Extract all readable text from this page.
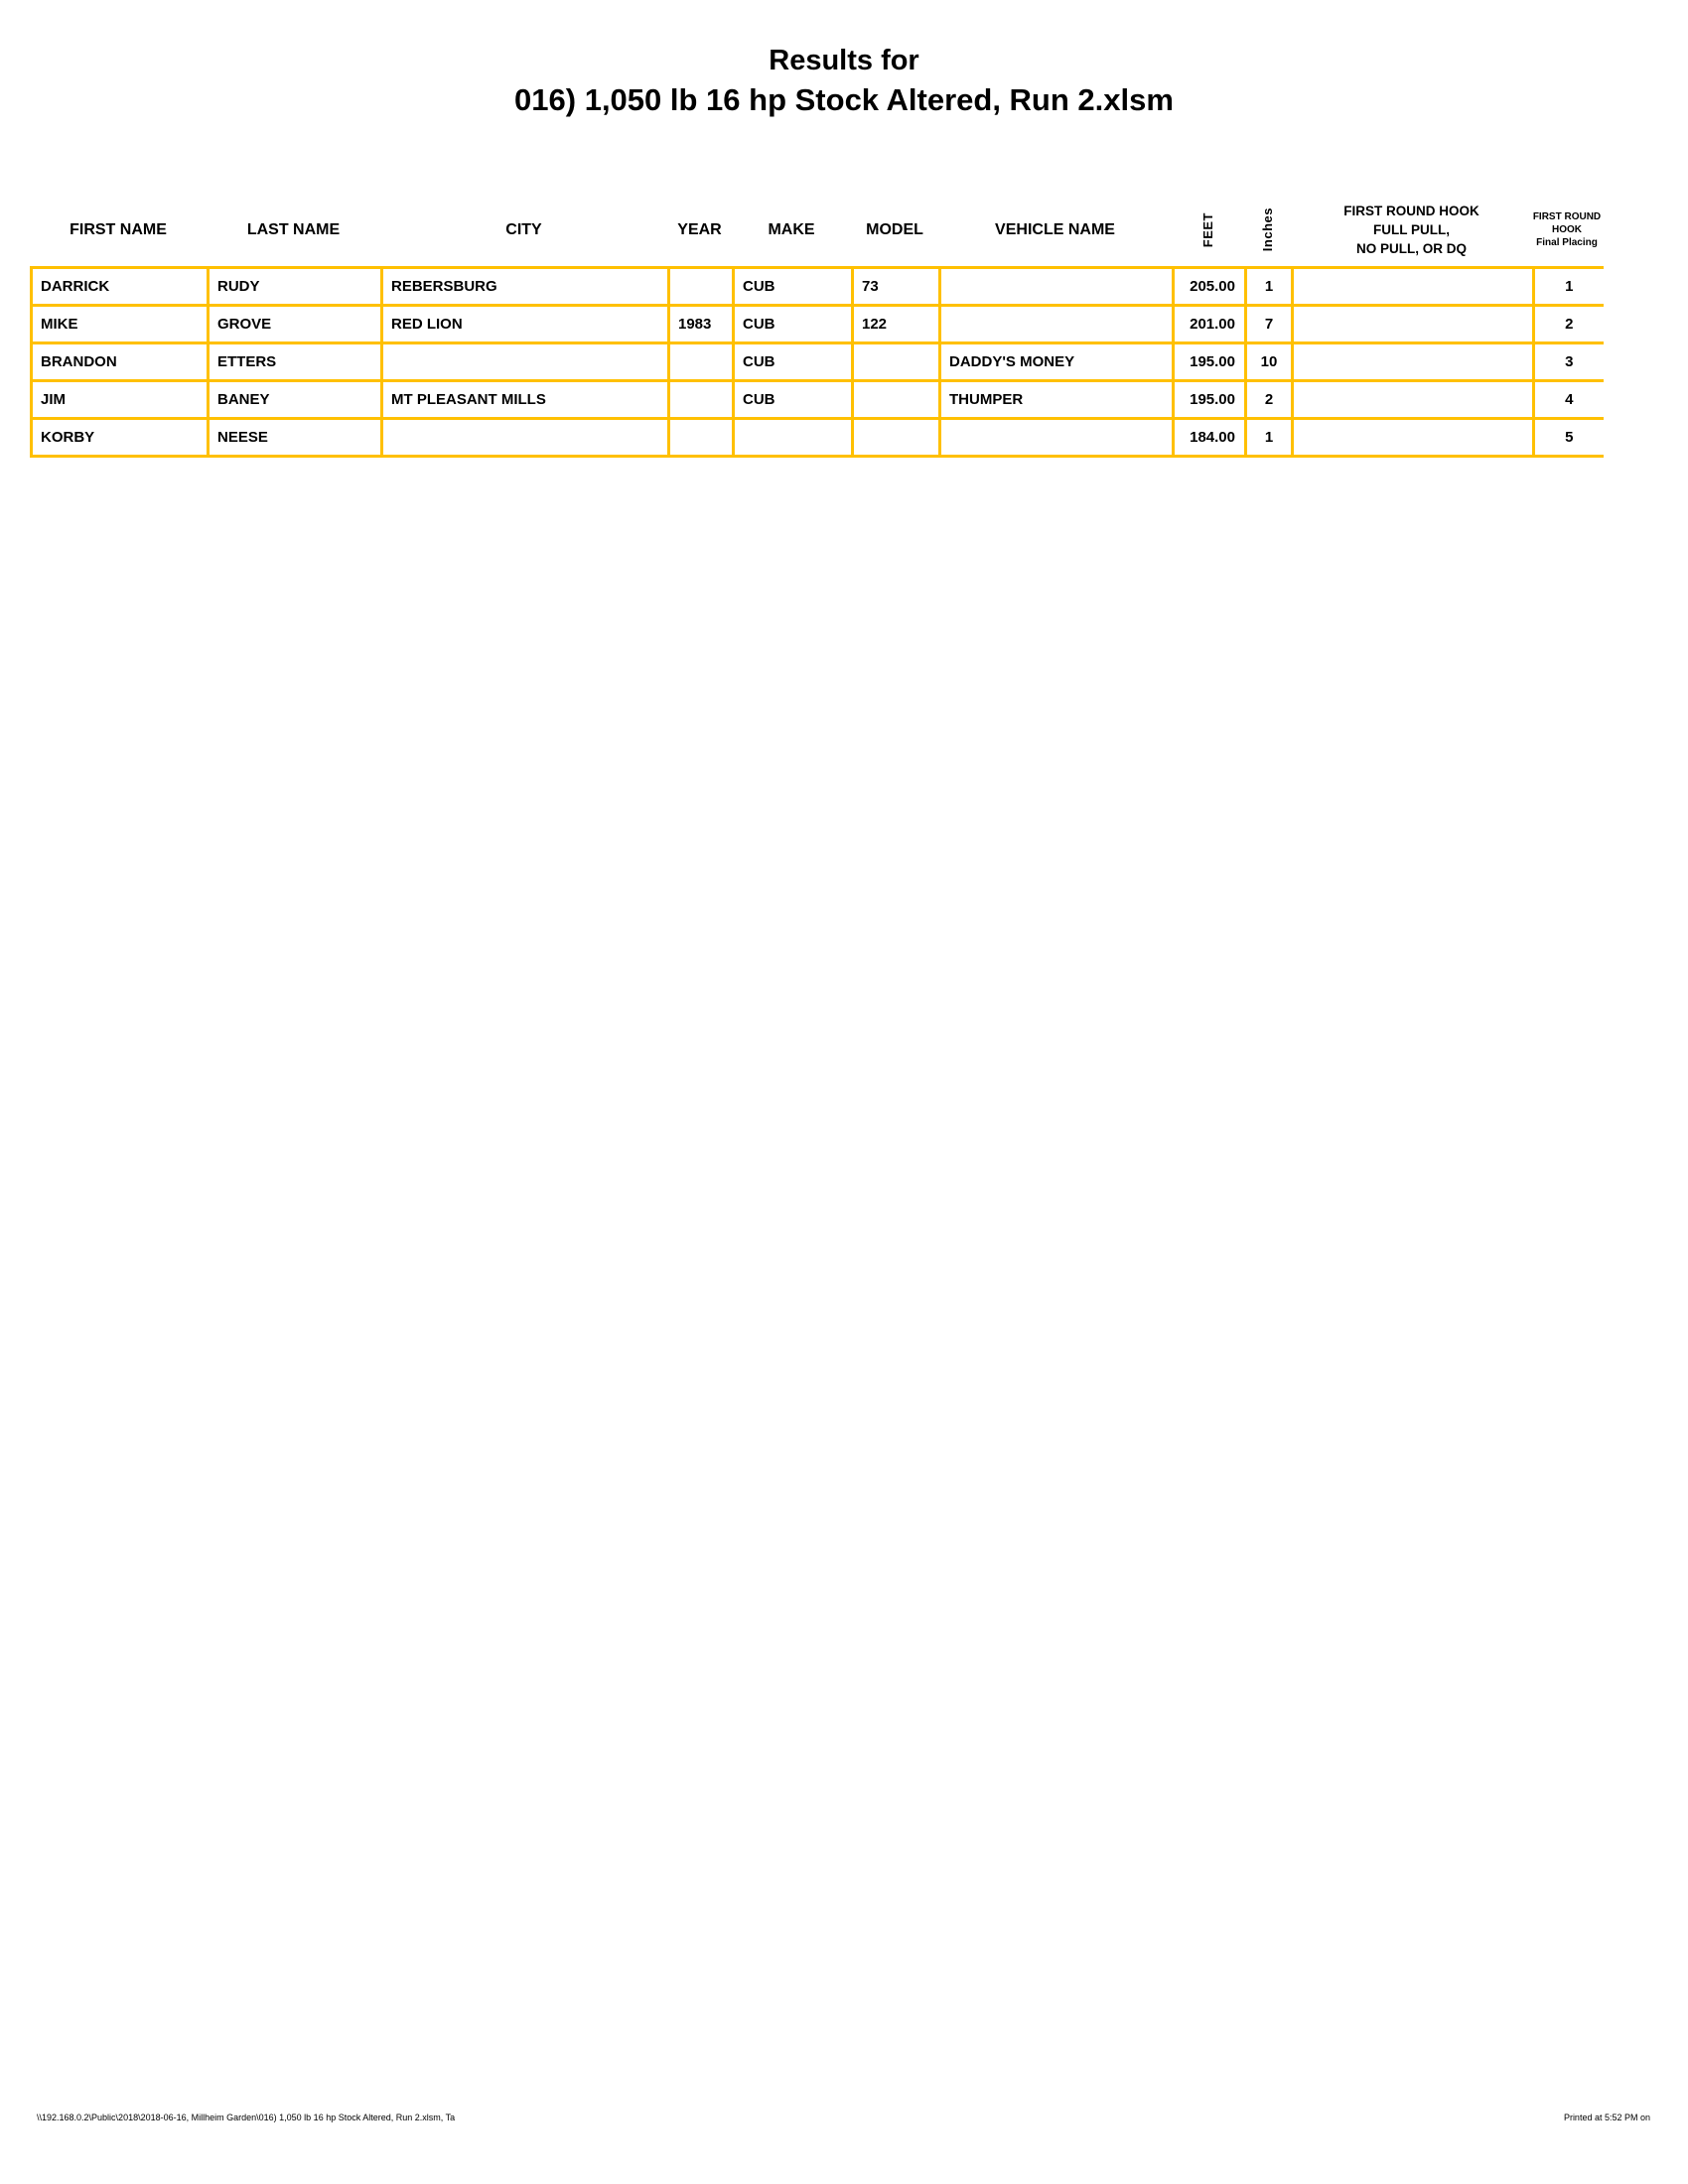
Results for
016) 1,050 lb 16 hp Stock Altered, Run 2.xlsm
FIRST NAME	LAST NAME	CITY	YEAR	MAKE	MODEL	VEHICLE NAME	FEET	Inches	FIRST ROUND HOOK
FULL PULL,
NO PULL, OR DQ
FIRST ROUND
HOOK
Final Placing
DARRICK	RUDY	REBERSBURG		CUB	73		205.00	1		1
MIKE	GROVE	RED LION	1983	CUB	122		201.00	7		2
BRANDON	ETTERS			CUB		DADDY'S MONEY	195.00	10		3
JIM	BANEY	MT PLEASANT MILLS		CUB		THUMPER	195.00	2		4
KORBY	NEESE						184.00	1		5
\\192.168.0.2\Public\2018\2018-06-16, Millheim Garden\016) 1,050 lb 16 hp Stock Altered, Run 2.xlsm, Ta	Printed at 5:52 PM on
